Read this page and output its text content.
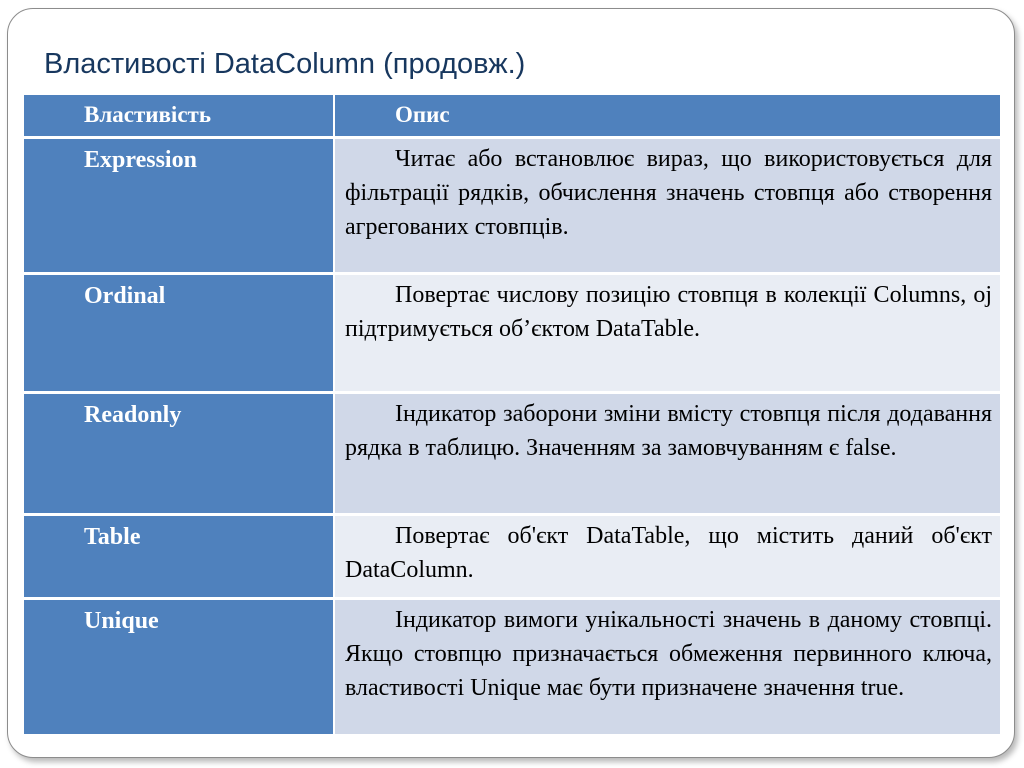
Властивості DataColumn (продовж.)
Властивість	Опис
Expression	Читає або встановлює вираз, що використовується для фільтрації рядків, обчислення значень стовпця або створення агрегованих стовпців.
Ordinal	Повертає числову позицію стовпця в колекції Columns, оj підтримується об’єктом DataTable.
Readonly	Індикатор заборони зміни вмісту стовпця після додавання рядка в таблицю. Значенням за замовчуванням є false.
Table	Повертає об'єкт DataTable, що містить даний об'єкт DataColumn.
Unique	Індикатор вимоги унікальності значень в даному стовпці. Якщо стовпцю призначається обмеження первинного ключа, властивості Unique має бути призначене значення true.
